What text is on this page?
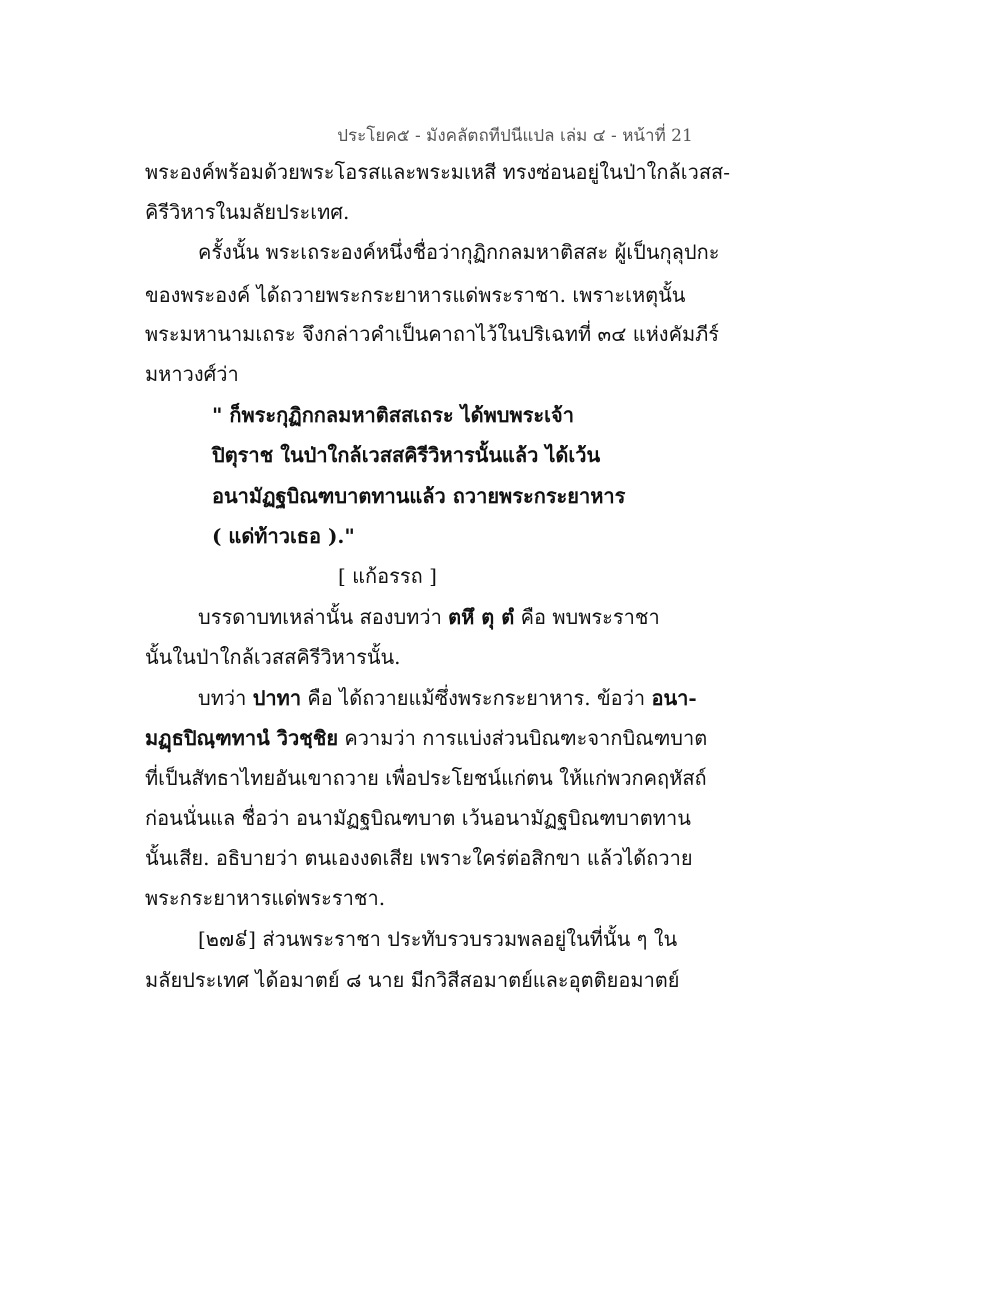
ประโยค๕ - มังคลัตถทีปนีแปล เล่ม ๔ - หน้าที่ 21
พระองค์พร้อมด้วยพระโอรสและพระมเหสี ทรงซ่อนอยู่ในป่าใกล้เวสส-
คิรีวิหารในมลัยประเทศ.
ครั้งนั้น พระเถระองค์หนึ่งชื่อว่ากุฏิกกลมหาติสสะ ผู้เป็นกุลุปกะ
ของพระองค์ ได้ถวายพระกระยาหารแด่พระราชา. เพราะเหตุนั้น
พระมหานามเถระ จึงกล่าวคำเป็นคาถาไว้ในปริเฉทที่ ๓๔ แห่งคัมภีร์
มหาวงศ์ว่า
" ก็พระกุฏิกกลมหาติสสเถระ ได้พบพระเจ้า
ปิตุราช ในป่าใกล้เวสสคิรีวิหารนั้นแล้ว ได้เว้น
อนามัฏฐบิณฑบาตทานแล้ว ถวายพระกระยาหาร
( แด่ท้าวเธอ )."
[ แก้อรรถ ]
บรรดาบทเหล่านั้น สองบทว่า ตหึ ตุ ตํ คือ พบพระราชา
นั้นในป่าใกล้เวสสคิรีวิหารนั้น.
บทว่า ปาทา คือ ได้ถวายแม้ซึ่งพระกระยาหาร. ข้อว่า อนา-
มฏฺธปิณฺฑทานํ วิวชฺชิย ความว่า การแบ่งส่วนบิณฑะจากบิณฑบาต
ที่เป็นสัทธาไทยอันเขาถวาย เพื่อประโยชน์แก่ตน ให้แก่พวกคฤหัสถ์
ก่อนนั่นแล ชื่อว่า อนามัฏฐบิณฑบาต เว้นอนามัฏฐบิณฑบาตทาน
นั้นเสีย. อธิบายว่า ตนเองงดเสีย เพราะใคร่ต่อสิกขา แล้วได้ถวาย
พระกระยาหารแด่พระราชา.
[๒๗៩] ส่วนพระราชา ประทับรวบรวมพลอยู่ในที่นั้น ๆ ใน
มลัยประเทศ ได้อมาตย์ ๘ นาย มีกวิสีสอมาตย์และอุตติยอมาตย์
